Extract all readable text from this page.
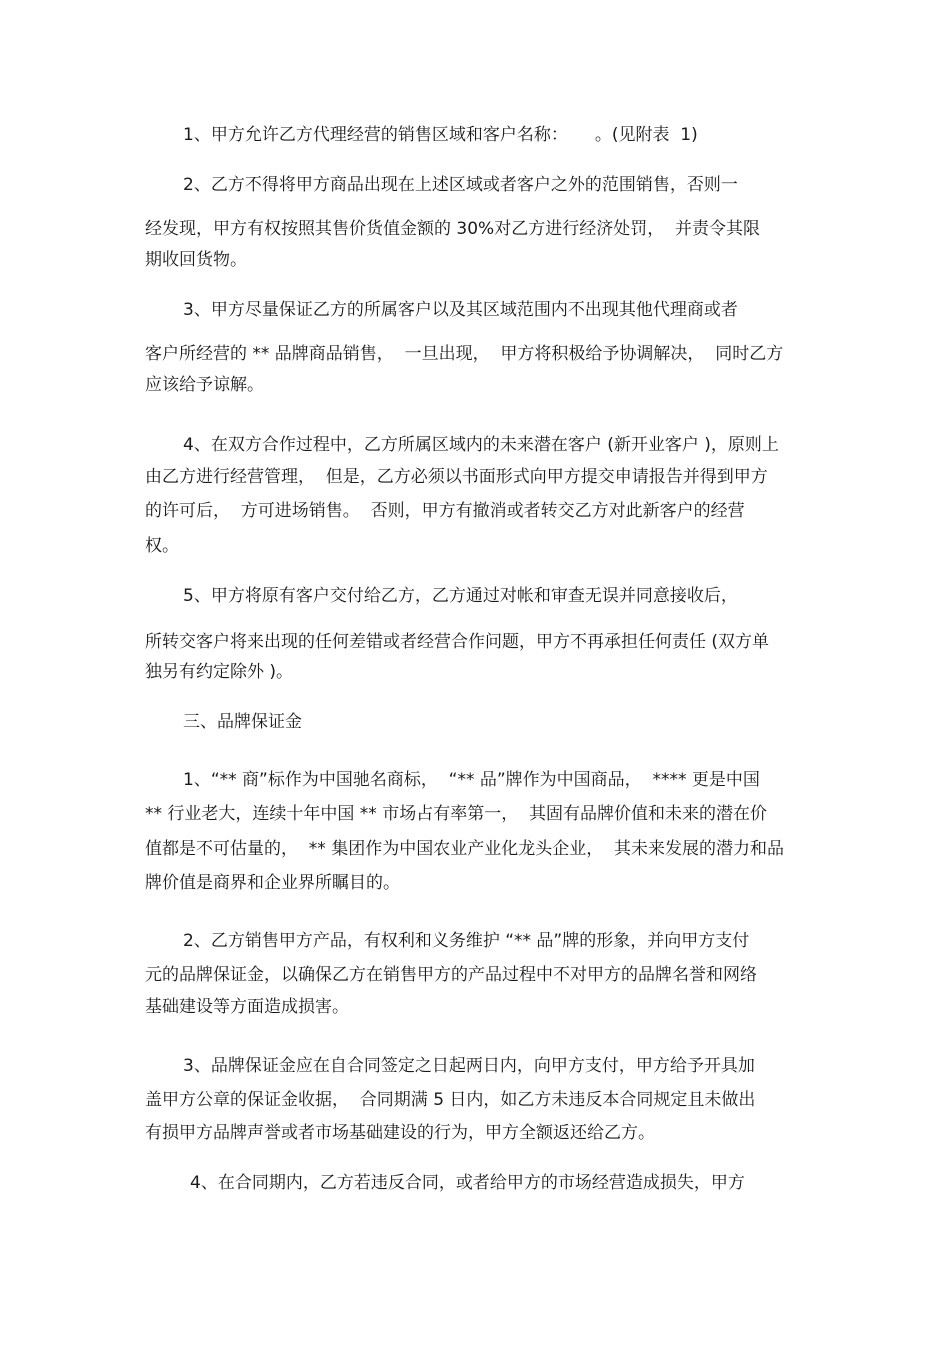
1、甲方允许乙方代理经营的销售区域和客户名称：     。(见附表  1)
2、乙方不得将甲方商品出现在上述区域或者客户之外的范围销售，否则一
经发现，甲方有权按照其售价货值金额的 30%对乙方进行经济处罚，  并责令其限
期收回货物。
3、甲方尽量保证乙方的所属客户以及其区域范围内不出现其他代理商或者
客户所经营的 ** 品牌商品销售，  一旦出现，  甲方将积极给予协调解决，  同时乙方
应该给予谅解。
4、在双方合作过程中，乙方所属区域内的未来潜在客户 (新开业客户 )，原则上
由乙方进行经营管理，  但是，乙方必须以书面形式向甲方提交申请报告并得到甲方
的许可后，  方可进场销售。  否则，甲方有撤消或者转交乙方对此新客户的经营
权。
5、甲方将原有客户交付给乙方，乙方通过对帐和审查无误并同意接收后，
所转交客户将来出现的任何差错或者经营合作问题，甲方不再承担任何责任 (双方单
独另有约定除外 )。
三、品牌保证金
1、“** 商”标作为中国驰名商标，  “** 品”牌作为中国商品，  **** 更是中国
** 行业老大，连续十年中国 ** 市场占有率第一，  其固有品牌价值和未来的潜在价
值都是不可估量的，  ** 集团作为中国农业产业化龙头企业，  其未来发展的潜力和品
牌价值是商界和企业界所瞩目的。
2、乙方销售甲方产品，有权利和义务维护 “** 品”牌的形象，并向甲方支付
元的品牌保证金，以确保乙方在销售甲方的产品过程中不对甲方的品牌名誉和网络
基础建设等方面造成损害。
3、品牌保证金应在自合同签定之日起两日内，向甲方支付，甲方给予开具加
盖甲方公章的保证金收据，  合同期满 5 日内，如乙方未违反本合同规定且未做出
有损甲方品牌声誉或者市场基础建设的行为，甲方全额返还给乙方。
4、在合同期内，乙方若违反合同，或者给甲方的市场经营造成损失，甲方
